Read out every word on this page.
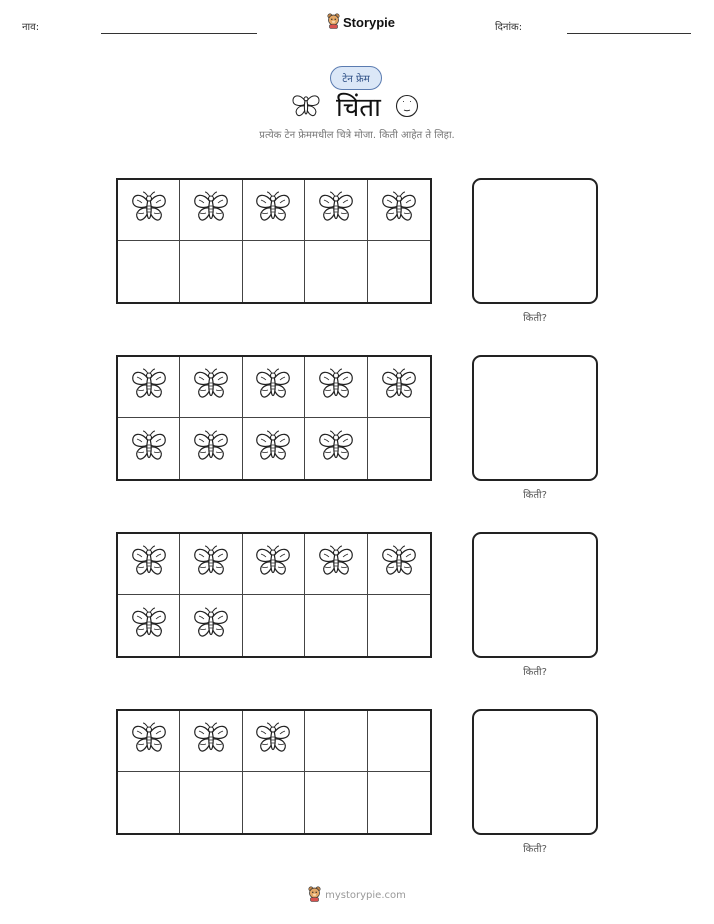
नाव:	Storypie	दिनांक:
टेन फ्रेम
चिंता
प्रत्येक टेन फ्रेममधील चित्रे मोजा. किती आहेत ते लिहा.
किती?
किती?
किती?
किती?
mystorypie.com
